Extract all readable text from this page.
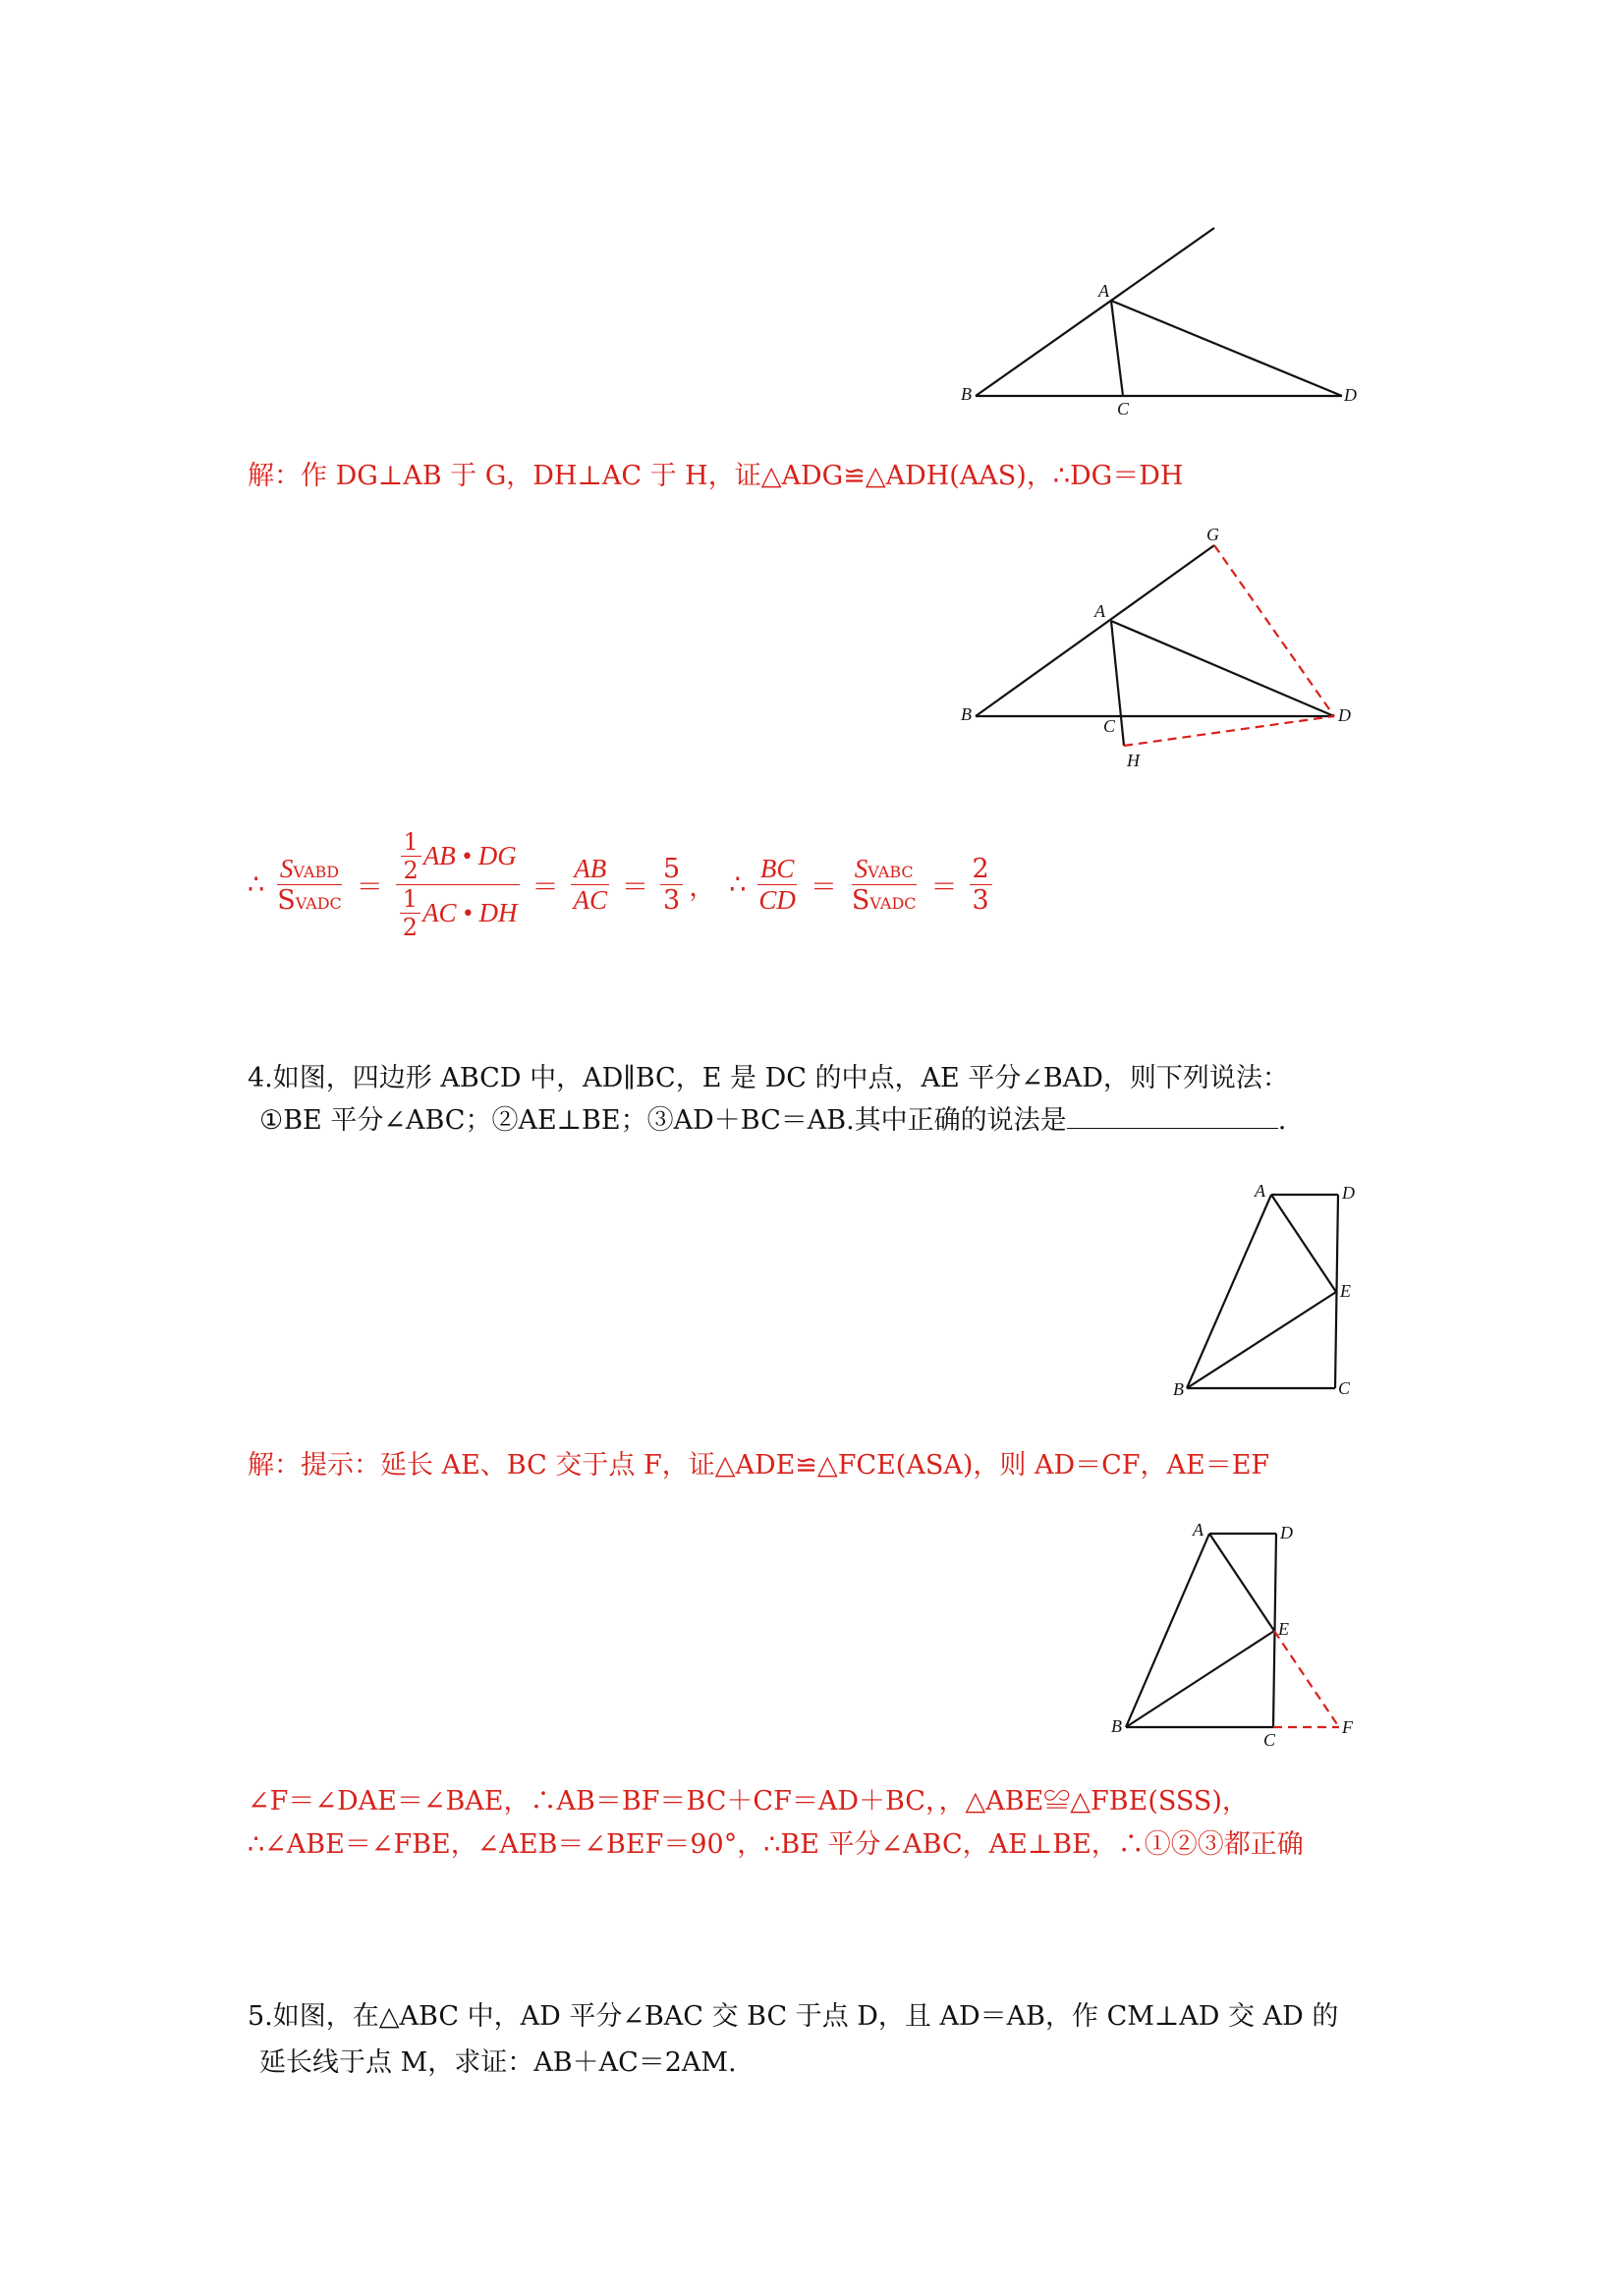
A
B
C
D
解：作 DG⊥AB 于 G，DH⊥AC 于 H，证△ADG≌△ADH(AAS)，∴DG＝DH
G
A
B
C
D
H
∴ $\frac{\text{SVABD}}{\text{SVADC}} = \frac{\frac{1}{2} AB • DG}{\frac{1}{2} AC • DH} = \frac{AB}{AC} = \frac{5}{3}$ ， ∴ $\frac{BC}{CD} = \frac{\text{SVABC}}{\text{SVADC}} = \frac{2}{3}$
4.如图，四边形 ABCD 中，AD∥BC，E 是 DC 的中点，AE 平分∠BAD，则下列说法：
①BE 平分∠ABC；②AE⊥BE；③AD＋BC＝AB.其中正确的说法是	.
A	D
E
B	C
解：提示：延长 AE、BC 交于点 F，证△ADE≌△FCE(ASA)，则 AD＝CF，AE＝EF
A	D
E
B
C
F
∠F＝∠DAE＝∠BAE，∴AB＝BF＝BC＋CF＝AD＋BC，，△ABE≌△FBE(SSS)，
∴∠ABE＝∠FBE，∠AEB＝∠BEF＝90°，∴BE 平分∠ABC，AE⊥BE，∴①②③都正确
5.如图，在△ABC 中，AD 平分∠BAC 交 BC 于点 D，且 AD＝AB，作 CM⊥AD 交 AD 的
延长线于点 M，求证：AB＋AC＝2AM.
